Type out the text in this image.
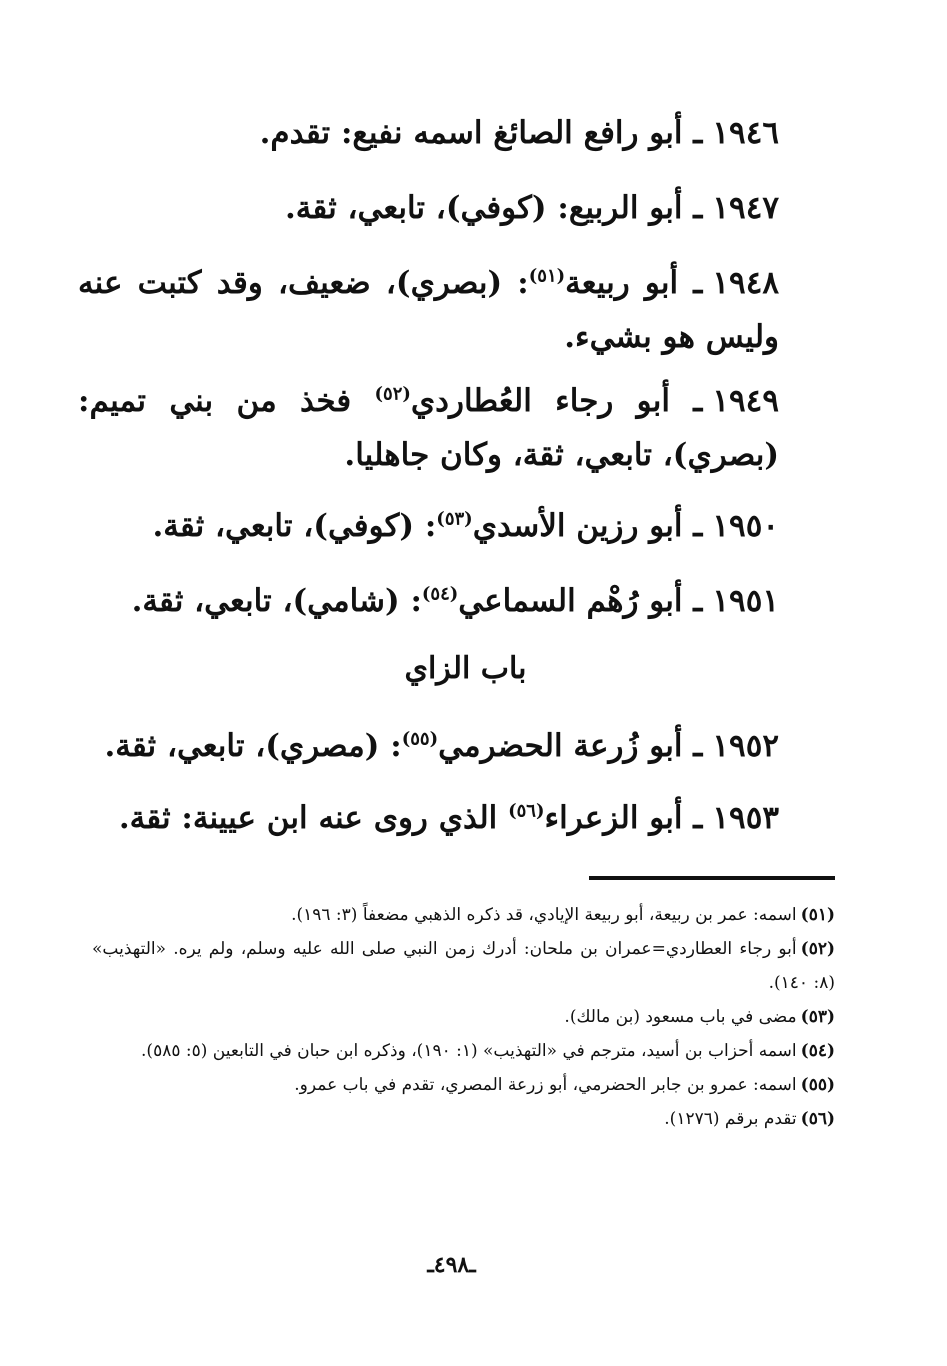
١٩٤٦ـ أبو رافع الصائغ اسمه نفيع: تقدم.
١٩٤٧ـ أبو الربيع: (كوفي)، تابعي، ثقة.
١٩٤٨ـ أبو ربيعة$^{(٥١)}$: (بصري)، ضعيف، وقد كتبت عنه وليس هو بشيء.
١٩٤٩ـ أبو رجاء العُطاردي$^{(٥٢)}$ فخذ من بني تميم: (بصري)، تابعي، ثقة، وكان جاهليا.
١٩٥٠ـ أبو رزين الأسدي$^{(٥٣)}$: (كوفي)، تابعي، ثقة.
١٩٥١ـ أبو رُهْم السماعي$^{(٥٤)}$: (شامي)، تابعي، ثقة.
باب الزاي
١٩٥٢ـ أبو زُرعة الحضرمي$^{(٥٥)}$: (مصري)، تابعي، ثقة.
١٩٥٣ـ أبو الزعراء$^{(٥٦)}$ الذي روى عنه ابن عيينة: ثقة.

(٥١)اسمه: عمر بن ربيعة، أبو ربيعة الإيادي، قد ذكره الذهبي مضعفاً (٣: ١٩٦).

(٥٢)أبو رجاء العطاردي=عمران بن ملحان: أدرك زمن النبي صلى الله عليه وسلم، ولم يره. «التهذيب» (٨: ١٤٠).

(٥٣)مضى في باب مسعود (بن مالك).

(٥٤)اسمه أحزاب بن أسيد، مترجم في «التهذيب» (١: ١٩٠)، وذكره ابن حبان في التابعين (٥: ٥٨٥).

(٥٥)اسمه: عمرو بن جابر الحضرمي، أبو زرعة المصري، تقدم في باب عمرو.

(٥٦)تقدم برقم (١٢٧٦).

ـ٤٩٨ـ
